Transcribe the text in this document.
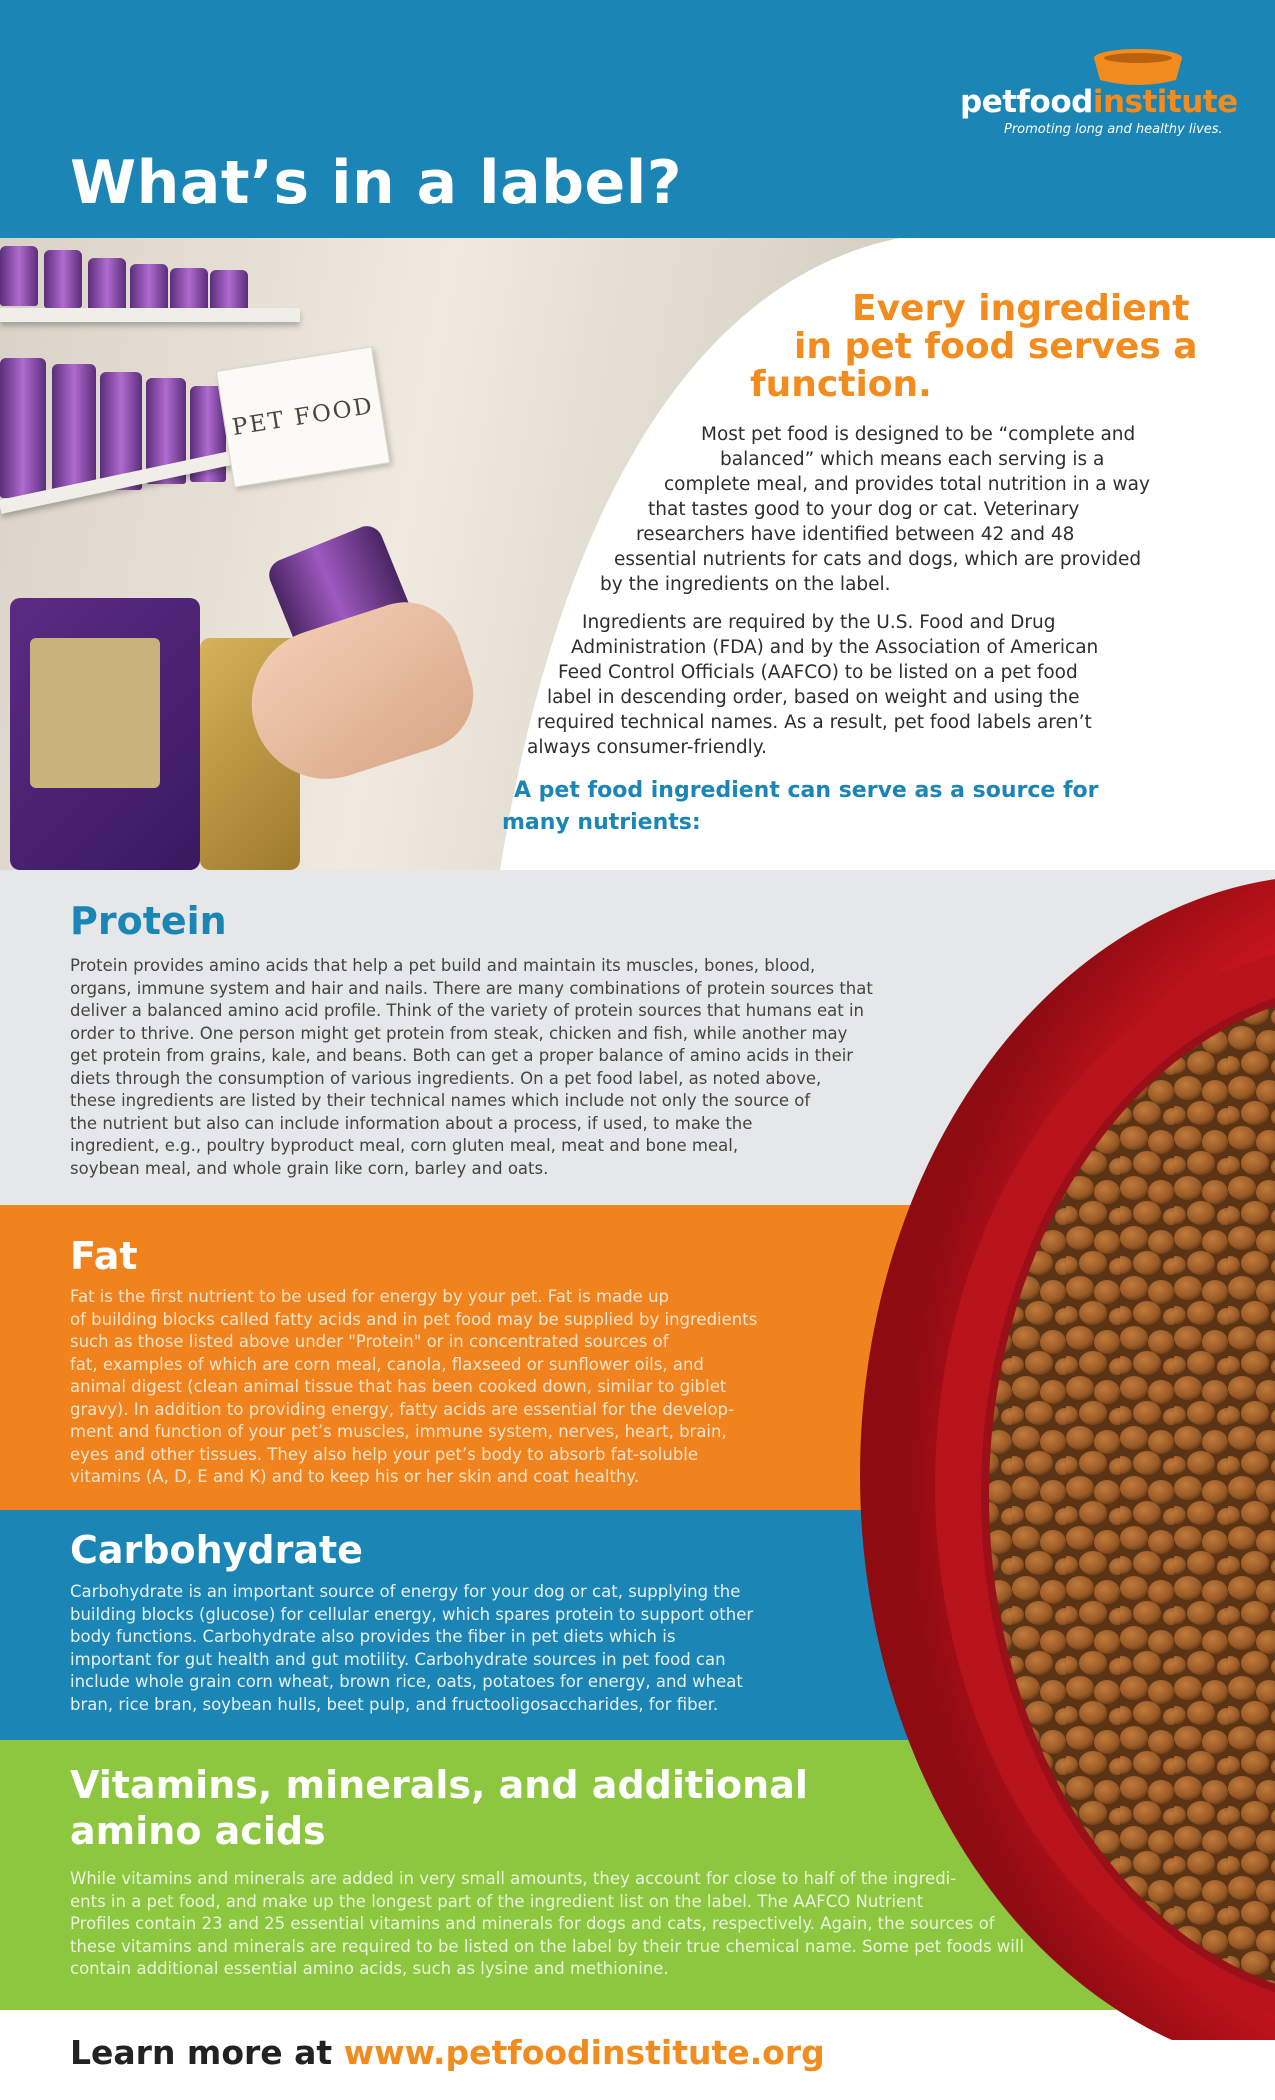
petfoodinstitute
Promoting long and healthy lives.
What’s in a label?
PET FOOD
Every ingredient
in pet food serves a
function.

Most pet food is designed to be “complete and
balanced” which means each serving is a
complete meal, and provides total nutrition in a way
that tastes good to your dog or cat. Veterinary
researchers have identified between 42 and 48
essential nutrients for cats and dogs, which are provided
by the ingredients on the label.

Ingredients are required by the U.S. Food and Drug
Administration (FDA) and by the Association of American
Feed Control Officials (AAFCO) to be listed on a pet food
label in descending order, based on weight and using the
required technical names. As a result, pet food labels aren’t
always consumer-friendly.

A pet food ingredient can serve as a source for
many nutrients:

Protein

Protein provides amino acids that help a pet build and maintain its muscles, bones, blood,
organs, immune system and hair and nails. There are many combinations of protein sources that
deliver a balanced amino acid profile. Think of the variety of protein sources that humans eat in
order to thrive. One person might get protein from steak, chicken and fish, while another may
get protein from grains, kale, and beans. Both can get a proper balance of amino acids in their
diets through the consumption of various ingredients. On a pet food label, as noted above,
these ingredients are listed by their technical names which include not only the source of
the nutrient but also can include information about a process, if used, to make the
ingredient, e.g., poultry byproduct meal, corn gluten meal, meat and bone meal,
soybean meal, and whole grain like corn, barley and oats.

Fat

Fat is the first nutrient to be used for energy by your pet. Fat is made up
of building blocks called fatty acids and in pet food may be supplied by ingredients
such as those listed above under "Protein" or in concentrated sources of
fat, examples of which are corn meal, canola, flaxseed or sunflower oils, and
animal digest (clean animal tissue that has been cooked down, similar to giblet
gravy). In addition to providing energy, fatty acids are essential for the develop-
ment and function of your pet’s muscles, immune system, nerves, heart, brain,
eyes and other tissues. They also help your pet’s body to absorb fat-soluble
vitamins (A, D, E and K) and to keep his or her skin and coat healthy.

Carbohydrate

Carbohydrate is an important source of energy for your dog or cat, supplying the
building blocks (glucose) for cellular energy, which spares protein to support other
body functions. Carbohydrate also provides the fiber in pet diets which is
important for gut health and gut motility. Carbohydrate sources in pet food can
include whole grain corn wheat, brown rice, oats, potatoes for energy, and wheat
bran, rice bran, soybean hulls, beet pulp, and fructooligosaccharides, for fiber.

Vitamins, minerals, and additional
amino acids

While vitamins and minerals are added in very small amounts, they account for close to half of the ingredi-
ents in a pet food, and make up the longest part of the ingredient list on the label. The AAFCO Nutrient
Profiles contain 23 and 25 essential vitamins and minerals for dogs and cats, respectively. Again, the sources of
these vitamins and minerals are required to be listed on the label by their true chemical name. Some pet foods will
contain additional essential amino acids, such as lysine and methionine.

Learn more at www.petfoodinstitute.org
